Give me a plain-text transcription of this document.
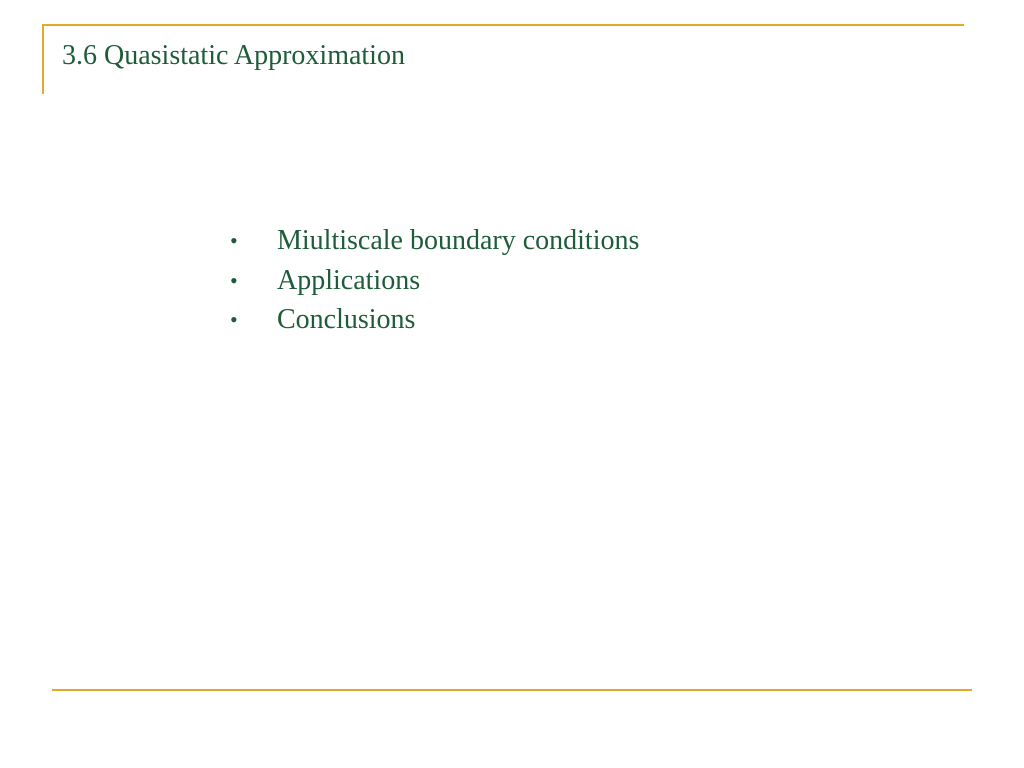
3.6 Quasistatic Approximation
• Miultiscale boundary conditions
• Applications
• Conclusions
